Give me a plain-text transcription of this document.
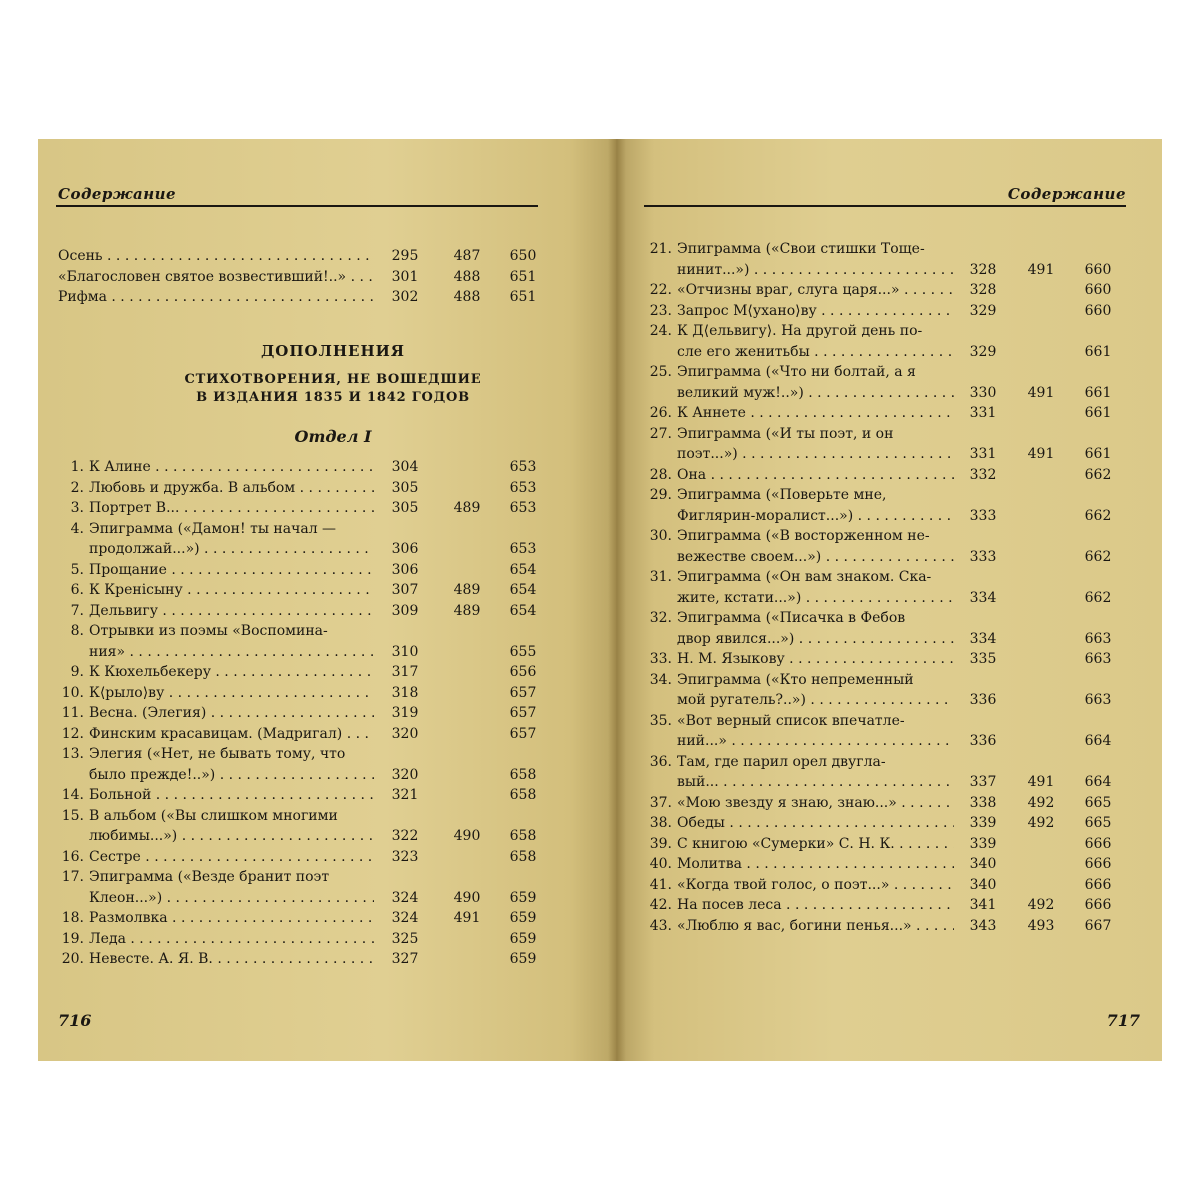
Содержание
Осень . . .	295	487	650
«Благословен святое возвестивший!..» . . .	301	488	651
Рифма . . .	302	488	651
ДОПОЛНЕНИЯ
СТИХОТВОРЕНИЯ, НЕ ВОШЕДШИЕ
В ИЗДАНИЯ 1835 И 1842 ГОДОВ
Отдел I
1. К Алине . . .	304	653
2. Любовь и дружба. В альбом . . .	305	653
3. Портрет В... . . .	305	489	653
4. Эпиграмма («Дамон! ты начал —
продолжай...») . . .	306	653
5. Прощание . . .	306	654
6. К Кренicыну . . .	307	489	654
7. Дельвигу . . .	309	489	654
8. Отрывки из поэмы «Воспомина-
ния» . . .	310	655
9. К Кюхельбекеру . . .	317	656
10. К⟨рыло⟩ву . . .	318	657
11. Весна. (Элегия) . . .	319	657
12. Финским красавицам. (Мадригал) . . .	320	657
13. Элегия («Нет, не бывать тому, что
было прежде!..») . . .	320	658
14. Больной . . .	321	658
15. В альбом («Вы слишком многими
любимы...») . . .	322	490	658
16. Сестре . . .	323	658
17. Эпиграмма («Везде бранит поэт
Клеон...») . . .	324	490	659
18. Размолвка . . .	324	491	659
19. Леда . . .	325	659
20. Невесте. А. Я. В. . . .	327	659
716
Содержание
21. Эпиграмма («Свои стишки Тоще-
нинит...») . . .	328	491	660
22. «Отчизны враг, слуга царя...» . . .	328	660
23. Запрос М⟨ухано⟩ву . . .	329	660
24. К Д⟨ельвигу⟩. На другой день по-
сле его женитьбы . . .	329	661
25. Эпиграмма («Что ни болтай, а я
великий муж!..») . . .	330	491	661
26. К Аннете . . .	331	661
27. Эпиграмма («И ты поэт, и он
поэт...») . . .	331	491	661
28. Она . . .	332	662
29. Эпиграмма («Поверьте мне,
Фиглярин-моралист...») . . .	333	662
30. Эпиграмма («В восторженном не-
вежестве своем...») . . .	333	662
31. Эпиграмма («Он вам знаком. Ска-
жите, кстати...») . . .	334	662
32. Эпиграмма («Писачка в Фебов
двор явился...») . . .	334	663
33. Н. М. Языкову . . .	335	663
34. Эпиграмма («Кто непременный
мой ругатель?..») . . .	336	663
35. «Вот верный список впечатле-
ний...» . . .	336	664
36. Там, где парил орел двугла-
вый... . . .	337	491	664
37. «Мою звезду я знаю, знаю...» . . .	338	492	665
38. Обеды . . .	339	492	665
39. С книгою «Сумерки» С. Н. К. . . .	339	666
40. Молитва . . .	340	666
41. «Когда твой голос, о поэт...» . . .	340	666
42. На посев леса . . .	341	492	666
43. «Люблю я вас, богини пенья...» . . .	343	493	667
717
